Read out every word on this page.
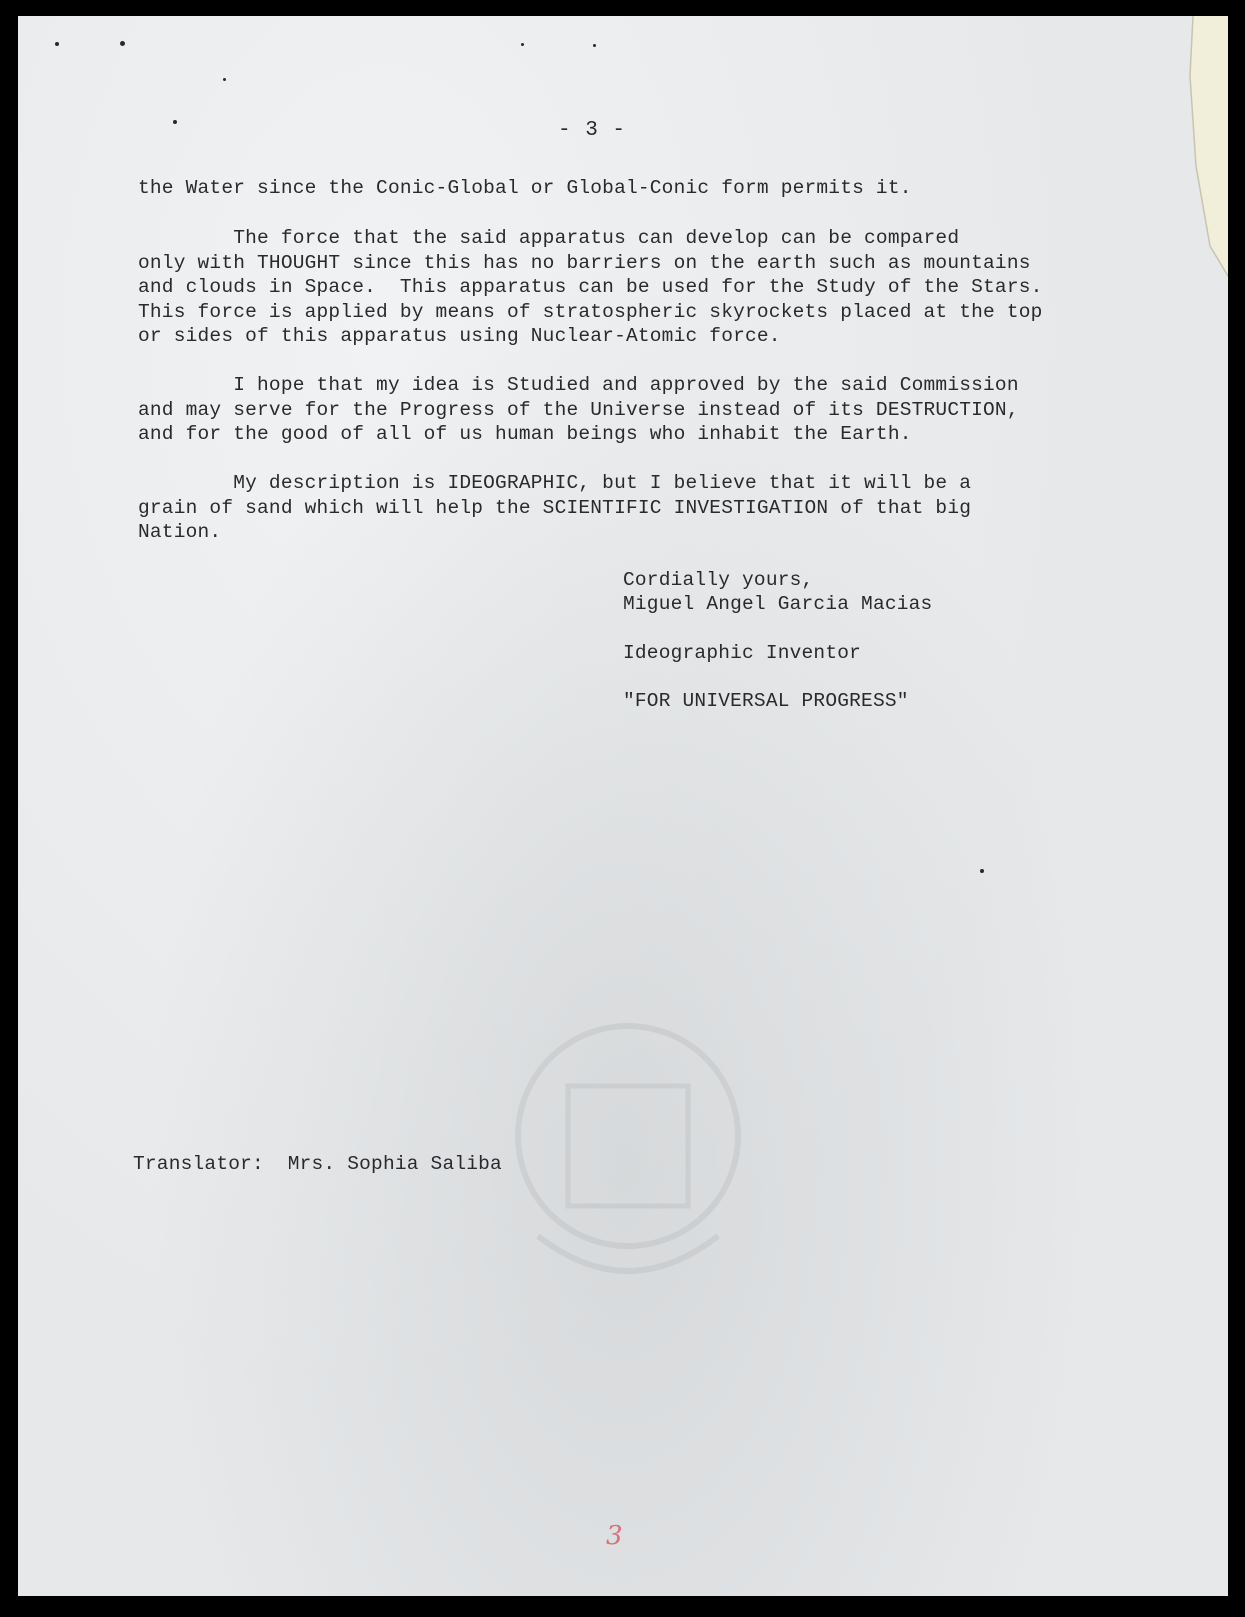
- 3 -

the Water since the Conic-Global or Global-Conic form permits it.

The force that the said apparatus can develop can be compared
only with THOUGHT since this has no barriers on the earth such as mountains
and clouds in Space.  This apparatus can be used for the Study of the Stars.
This force is applied by means of stratospheric skyrockets placed at the top
or sides of this apparatus using Nuclear-Atomic force.

I hope that my idea is Studied and approved by the said Commission
and may serve for the Progress of the Universe instead of its DESTRUCTION,
and for the good of all of us human beings who inhabit the Earth.

My description is IDEOGRAPHIC, but I believe that it will be a
grain of sand which will help the SCIENTIFIC INVESTIGATION of that big
Nation.

Cordially yours,

Miguel Angel Garcia Macias

Ideographic Inventor

"FOR UNIVERSAL PROGRESS"

Translator:  Mrs. Sophia Saliba

3
